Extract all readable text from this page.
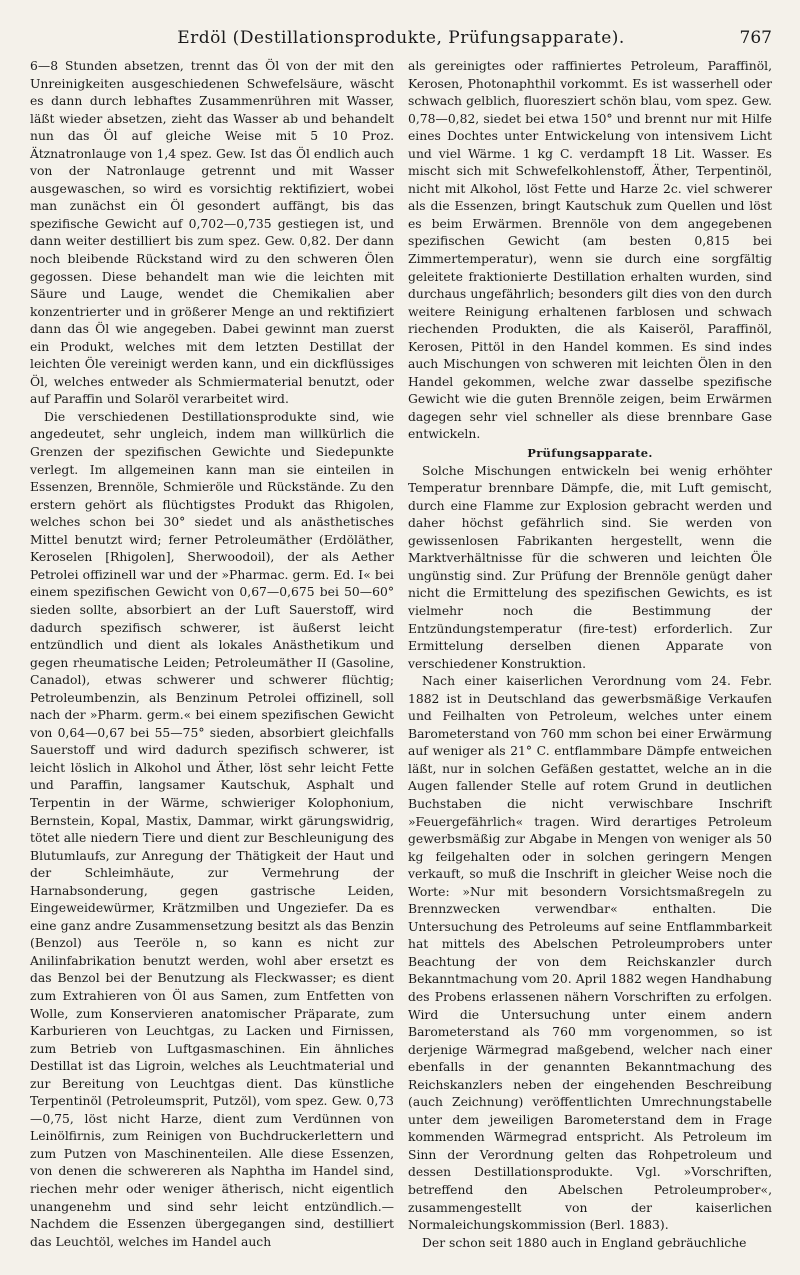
Erdöl (Destillationsprodukte, Prüfungsapparate).	767

6—8 Stunden absetzen, trennt das Öl von der mit den Unreinigkeiten ausgeschiedenen Schwefelsäure, wäscht es dann durch lebhaftes Zusammenrühren mit Wasser, läßt wieder absetzen, zieht das Wasser ab und behandelt nun das Öl auf gleiche Weise mit 5 10 Proz. Ätznatronlauge von 1,4 spez. Gew. Ist das Öl endlich auch von der Natronlauge getrennt und mit Wasser ausgewaschen, so wird es vorsichtig rektifiziert, wobei man zunächst ein Öl gesondert auffängt, bis das spezifische Gewicht auf 0,702—0,735 gestiegen ist, und dann weiter destilliert bis zum spez. Gew. 0,82. Der dann noch bleibende Rückstand wird zu den schweren Ölen gegossen. Diese behandelt man wie die leichten mit Säure und Lauge, wendet die Chemikalien aber konzentrierter und in größerer Menge an und rektifiziert dann das Öl wie angegeben. Dabei gewinnt man zuerst ein Produkt, welches mit dem letzten Destillat der leichten Öle vereinigt werden kann, und ein dickflüssiges Öl, welches entweder als Schmiermaterial benutzt, oder auf Paraffin und Solaröl verarbeitet wird.

Die verschiedenen Destillationsprodukte sind, wie angedeutet, sehr ungleich, indem man willkürlich die Grenzen der spezifischen Gewichte und Siedepunkte verlegt. Im allgemeinen kann man sie einteilen in Essenzen, Brennöle, Schmieröle und Rückstände. Zu den erstern gehört als flüchtigstes Produkt das Rhigolen, welches schon bei 30° siedet und als anästhetisches Mittel benutzt wird; ferner Petroleumäther (Erdöläther, Keroselen [Rhigolen], Sherwoodoil), der als Aether Petrolei offizinell war und der »Pharmac. germ. Ed. I« bei einem spezifischen Gewicht von 0,67—0,675 bei 50—60° sieden sollte, absorbiert an der Luft Sauerstoff, wird dadurch spezifisch schwerer, ist äußerst leicht entzündlich und dient als lokales Anästhetikum und gegen rheumatische Leiden; Petroleumäther II (Gasoline, Canadol), etwas schwerer und schwerer flüchtig; Petroleumbenzin, als Benzinum Petrolei offizinell, soll nach der »Pharm. germ.« bei einem spezifischen Gewicht von 0,64—0,67 bei 55—75° sieden, absorbiert gleichfalls Sauerstoff und wird dadurch spezifisch schwerer, ist leicht löslich in Alkohol und Äther, löst sehr leicht Fette und Paraffin, langsamer Kautschuk, Asphalt und Terpentin in der Wärme, schwieriger Kolophonium, Bernstein, Kopal, Mastix, Dammar, wirkt gärungswidrig, tötet alle niedern Tiere und dient zur Beschleunigung des Blutumlaufs, zur Anregung der Thätigkeit der Haut und der Schleimhäute, zur Vermehrung der Harnabsonderung, gegen gastrische Leiden, Eingeweidewürmer, Krätzmilben und Ungeziefer. Da es eine ganz andre Zusammensetzung besitzt als das Benzin (Benzol) aus Teeröle n, so kann es nicht zur Anilinfabrikation benutzt werden, wohl aber ersetzt es das Benzol bei der Benutzung als Fleckwasser; es dient zum Extrahieren von Öl aus Samen, zum Entfetten von Wolle, zum Konservieren anatomischer Präparate, zum Karburieren von Leuchtgas, zu Lacken und Firnissen, zum Betrieb von Luftgasmaschinen. Ein ähnliches Destillat ist das Ligroin, welches als Leuchtmaterial und zur Bereitung von Leuchtgas dient. Das künstliche Terpentinöl (Petroleumsprit, Putzöl), vom spez. Gew. 0,73—0,75, löst nicht Harze, dient zum Verdünnen von Leinölfirnis, zum Reinigen von Buchdruckerlettern und zum Putzen von Maschinenteilen. Alle diese Essenzen, von denen die schwereren als Naphtha im Handel sind, riechen mehr oder weniger ätherisch, nicht eigentlich unangenehm und sind sehr leicht entzündlich.— Nachdem die Essenzen übergegangen sind, destilliert das Leuchtöl, welches im Handel auch

als gereinigtes oder raffiniertes Petroleum, Paraffinöl, Kerosen, Photonaphthil vorkommt. Es ist wasserhell oder schwach gelblich, fluoresziert schön blau, vom spez. Gew. 0,78—0,82, siedet bei etwa 150° und brennt nur mit Hilfe eines Dochtes unter Entwickelung von intensivem Licht und viel Wärme. 1 kg C. verdampft 18 Lit. Wasser. Es mischt sich mit Schwefelkohlenstoff, Äther, Terpentinöl, nicht mit Alkohol, löst Fette und Harze 2c. viel schwerer als die Essenzen, bringt Kautschuk zum Quellen und löst es beim Erwärmen. Brennöle von dem angegebenen spezifischen Gewicht (am besten 0,815 bei Zimmertemperatur), wenn sie durch eine sorgfältig geleitete fraktionierte Destillation erhalten wurden, sind durchaus ungefährlich; besonders gilt dies von den durch weitere Reinigung erhaltenen farblosen und schwach riechenden Produkten, die als Kaiseröl, Paraffinöl, Kerosen, Pittöl in den Handel kommen. Es sind indes auch Mischungen von schweren mit leichten Ölen in den Handel gekommen, welche zwar dasselbe spezifische Gewicht wie die guten Brennöle zeigen, beim Erwärmen dagegen sehr viel schneller als diese brennbare Gase entwickeln.

Prüfungsapparate.

Solche Mischungen entwickeln bei wenig erhöhter Temperatur brennbare Dämpfe, die, mit Luft gemischt, durch eine Flamme zur Explosion gebracht werden und daher höchst gefährlich sind. Sie werden von gewissenlosen Fabrikanten hergestellt, wenn die Marktverhältnisse für die schweren und leichten Öle ungünstig sind. Zur Prüfung der Brennöle genügt daher nicht die Ermittelung des spezifischen Gewichts, es ist vielmehr noch die Bestimmung der Entzündungstemperatur (fire-test) erforderlich. Zur Ermittelung derselben dienen Apparate von verschiedener Konstruktion.

Nach einer kaiserlichen Verordnung vom 24. Febr. 1882 ist in Deutschland das gewerbsmäßige Verkaufen und Feilhalten von Petroleum, welches unter einem Barometerstand von 760 mm schon bei einer Erwärmung auf weniger als 21° C. entflammbare Dämpfe entweichen läßt, nur in solchen Gefäßen gestattet, welche an in die Augen fallender Stelle auf rotem Grund in deutlichen Buchstaben die nicht verwischbare Inschrift »Feuergefährlich« tragen. Wird derartiges Petroleum gewerbsmäßig zur Abgabe in Mengen von weniger als 50 kg feilgehalten oder in solchen geringern Mengen verkauft, so muß die Inschrift in gleicher Weise noch die Worte: »Nur mit besondern Vorsichtsmaßregeln zu Brennzwecken verwendbar« enthalten. Die Untersuchung des Petroleums auf seine Entflammbarkeit hat mittels des Abelschen Petroleumprobers unter Beachtung der von dem Reichskanzler durch Bekanntmachung vom 20. April 1882 wegen Handhabung des Probens erlassenen nähern Vorschriften zu erfolgen. Wird die Untersuchung unter einem andern Barometerstand als 760 mm vorgenommen, so ist derjenige Wärmegrad maßgebend, welcher nach einer ebenfalls in der genannten Bekanntmachung des Reichskanzlers neben der eingehenden Beschreibung (auch Zeichnung) veröffentlichten Umrechnungstabelle unter dem jeweiligen Barometerstand dem in Frage kommenden Wärmegrad entspricht. Als Petroleum im Sinn der Verordnung gelten das Rohpetroleum und dessen Destillationsprodukte. Vgl. »Vorschriften, betreffend den Abelschen Petroleumprober«, zusammengestellt von der kaiserlichen Normaleichungskommission (Berl. 1883).

Der schon seit 1880 auch in England gebräuchliche
